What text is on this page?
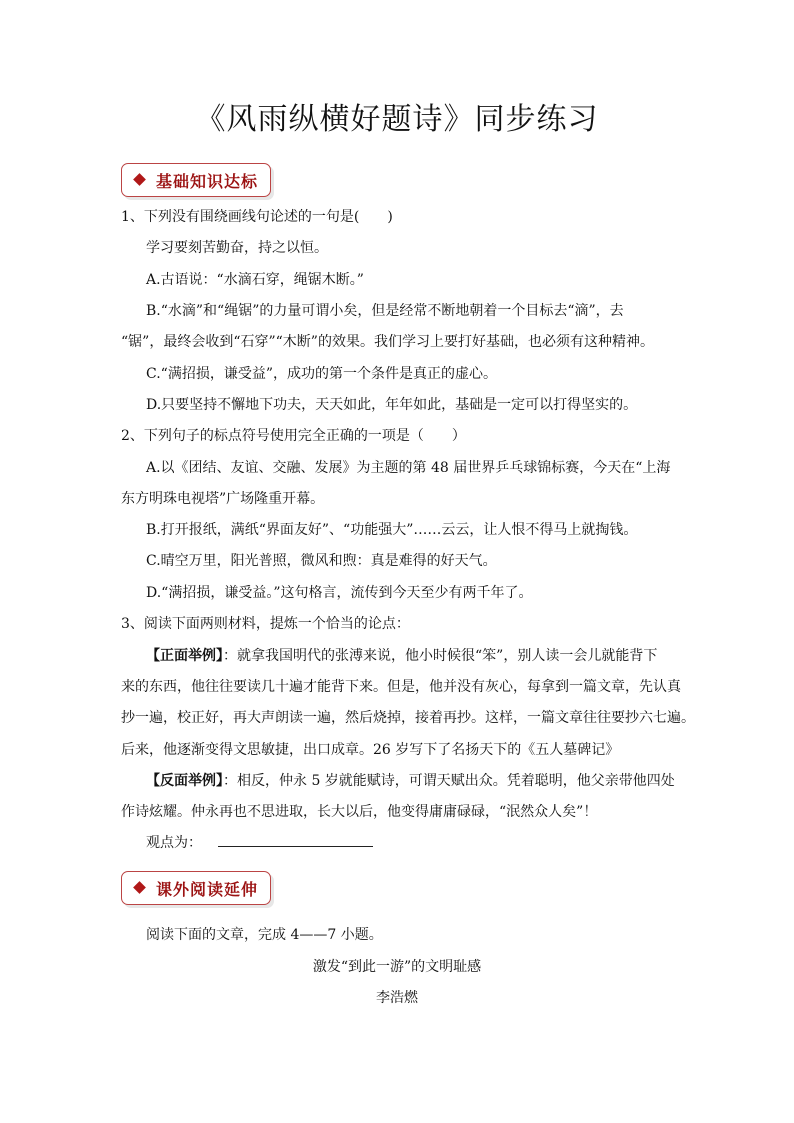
《风雨纵横好题诗》同步练习
基础知识达标
1、下列没有围绕画线句论述的一句是(　　)
学习要刻苦勤奋，持之以恒。
A.古语说：“水滴石穿，绳锯木断。”
B.“水滴”和“绳锯”的力量可谓小矣，但是经常不断地朝着一个目标去“滴”，去
“锯”，最终会收到“石穿”“木断”的效果。我们学习上要打好基础，也必须有这种精神。
C.“满招损，谦受益”，成功的第一个条件是真正的虚心。
D.只要坚持不懈地下功夫，天天如此，年年如此，基础是一定可以打得坚实的。
2、下列句子的标点符号使用完全正确的一项是（　　）
A.以《团结、友谊、交融、发展》为主题的第 48 届世界乒乓球锦标赛，今天在“上海
东方明珠电视塔”广场隆重开幕。
B.打开报纸，满纸“界面友好”、“功能强大”……云云，让人恨不得马上就掏钱。
C.晴空万里，阳光普照，微风和煦：真是难得的好天气。
D.“满招损，谦受益。”这句格言，流传到今天至少有两千年了。
3、阅读下面两则材料，提炼一个恰当的论点：
【正面举例】：就拿我国明代的张溥来说，他小时候很“笨”，别人读一会儿就能背下
来的东西，他往往要读几十遍才能背下来。但是，他并没有灰心，每拿到一篇文章，先认真
抄一遍，校正好，再大声朗读一遍，然后烧掉，接着再抄。这样，一篇文章往往要抄六七遍。
后来，他逐渐变得文思敏捷，出口成章。26 岁写下了名扬天下的《五人墓碑记》
【反面举例】：相反，仲永 5 岁就能赋诗，可谓天赋出众。凭着聪明，他父亲带他四处
作诗炫耀。仲永再也不思进取，长大以后，他变得庸庸碌碌，“泯然众人矣”！
观点为：
课外阅读延伸
阅读下面的文章，完成 4——7 小题。
激发“到此一游”的文明耻感
李浩燃
